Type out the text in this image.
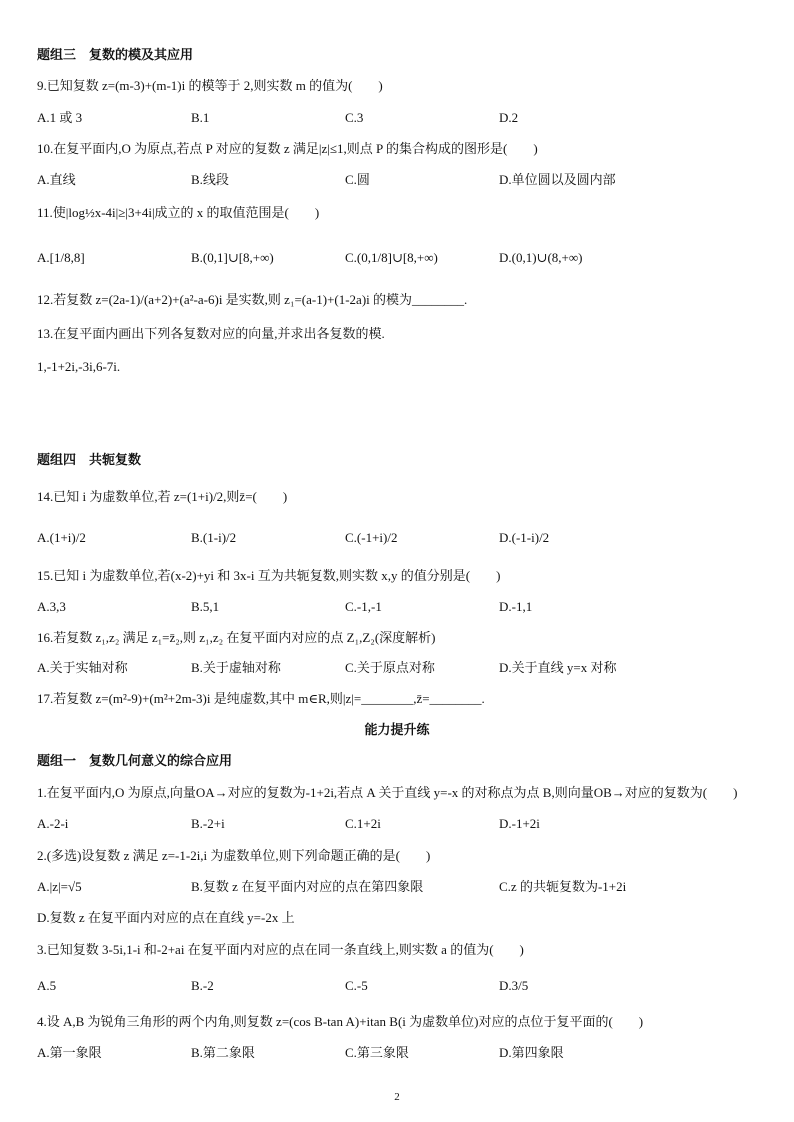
题组三　复数的模及其应用
9.已知复数 z=(m-3)+(m-1)i 的模等于 2,则实数 m 的值为(　　)
A.1 或 3	B.1	C.3	D.2
10.在复平面内,O 为原点,若点 P 对应的复数 z 满足|z|≤1,则点 P 的集合构成的图形是(　　)
A.直线	B.线段	C.圆	D.单位圆以及圆内部
11.使|log½x-4i|≥|3+4i|成立的 x 的取值范围是(　　)
A.[1/8,8]	B.(0,1]∪[8,+∞)	C.(0,1/8]∪[8,+∞)	D.(0,1)∪(8,+∞)
12.若复数 z=(2a-1)/(a+2)+(a²-a-6)i 是实数,则 z₁=(a-1)+(1-2a)i 的模为________.
13.在复平面内画出下列各复数对应的向量,并求出各复数的模.
1,-1+2i,-3i,6-7i.
题组四　共轭复数
14.已知 i 为虚数单位,若 z=(1+i)/2,则z̄=(　　)
A.(1+i)/2	B.(1-i)/2	C.(-1+i)/2	D.(-1-i)/2
15.已知 i 为虚数单位,若(x-2)+yi 和 3x-i 互为共轭复数,则实数 x,y 的值分别是(　　)
A.3,3	B.5,1	C.-1,-1	D.-1,1
16.若复数 z₁,z₂ 满足 z₁=z̄₂,则 z₁,z₂ 在复平面内对应的点 Z₁,Z₂(深度解析)
A.关于实轴对称	B.关于虚轴对称	C.关于原点对称	D.关于直线 y=x 对称
17.若复数 z=(m²-9)+(m²+2m-3)i 是纯虚数,其中 m∈R,则|z|=________,z̄=________.
能力提升练
题组一　复数几何意义的综合应用
1.在复平面内,O 为原点,向量OA→对应的复数为-1+2i,若点 A 关于直线 y=-x 的对称点为点 B,则向量OB→对应的复数为(　　)
A.-2-i	B.-2+i	C.1+2i	D.-1+2i
2.(多选)设复数 z 满足 z=-1-2i,i 为虚数单位,则下列命题正确的是(　　)
A.|z|=√5	B.复数 z 在复平面内对应的点在第四象限	C.z 的共轭复数为-1+2i
D.复数 z 在复平面内对应的点在直线 y=-2x 上
3.已知复数 3-5i,1-i 和-2+ai 在复平面内对应的点在同一条直线上,则实数 a 的值为(　　)
A.5	B.-2	C.-5	D.3/5
4.设 A,B 为锐角三角形的两个内角,则复数 z=(cos B-tan A)+itan B(i 为虚数单位)对应的点位于复平面的(　　)
A.第一象限	B.第二象限	C.第三象限	D.第四象限
2
